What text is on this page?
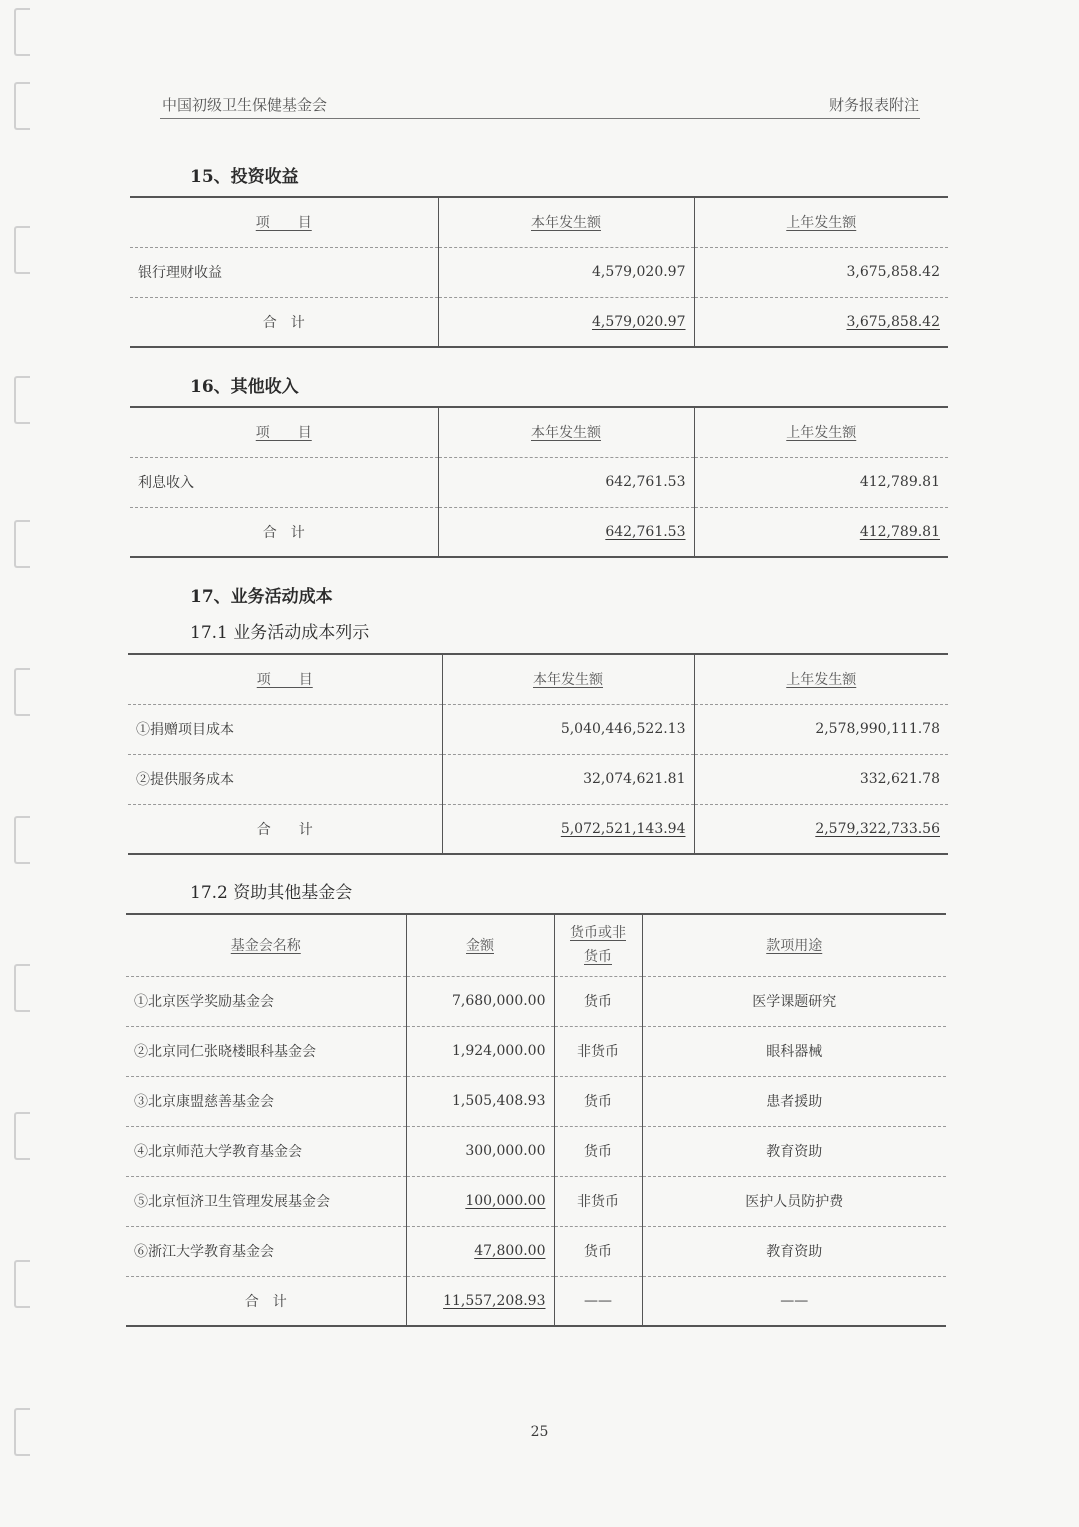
中国初级卫生保健基金会	财务报表附注
15、投资收益
项　　目	本年发生额	上年发生额
银行理财收益	4,579,020.97	3,675,858.42
合　计	4,579,020.97	3,675,858.42
16、其他收入
项　　目	本年发生额	上年发生额
利息收入	642,761.53	412,789.81
合　计	642,761.53	412,789.81
17、业务活动成本
17.1 业务活动成本列示
项　　目	本年发生额	上年发生额
①捐赠项目成本	5,040,446,522.13	2,578,990,111.78
②提供服务成本	32,074,621.81	332,621.78
合　　计	5,072,521,143.94	2,579,322,733.56
17.2 资助其他基金会
基金会名称	金额	货币或非货币	款项用途
①北京医学奖励基金会	7,680,000.00	货币	医学课题研究
②北京同仁张晓楼眼科基金会	1,924,000.00	非货币	眼科器械
③北京康盟慈善基金会	1,505,408.93	货币	患者援助
④北京师范大学教育基金会	300,000.00	货币	教育资助
⑤北京恒济卫生管理发展基金会	100,000.00	非货币	医护人员防护费
⑥浙江大学教育基金会	47,800.00	货币	教育资助
合　计	11,557,208.93	——	——
25
